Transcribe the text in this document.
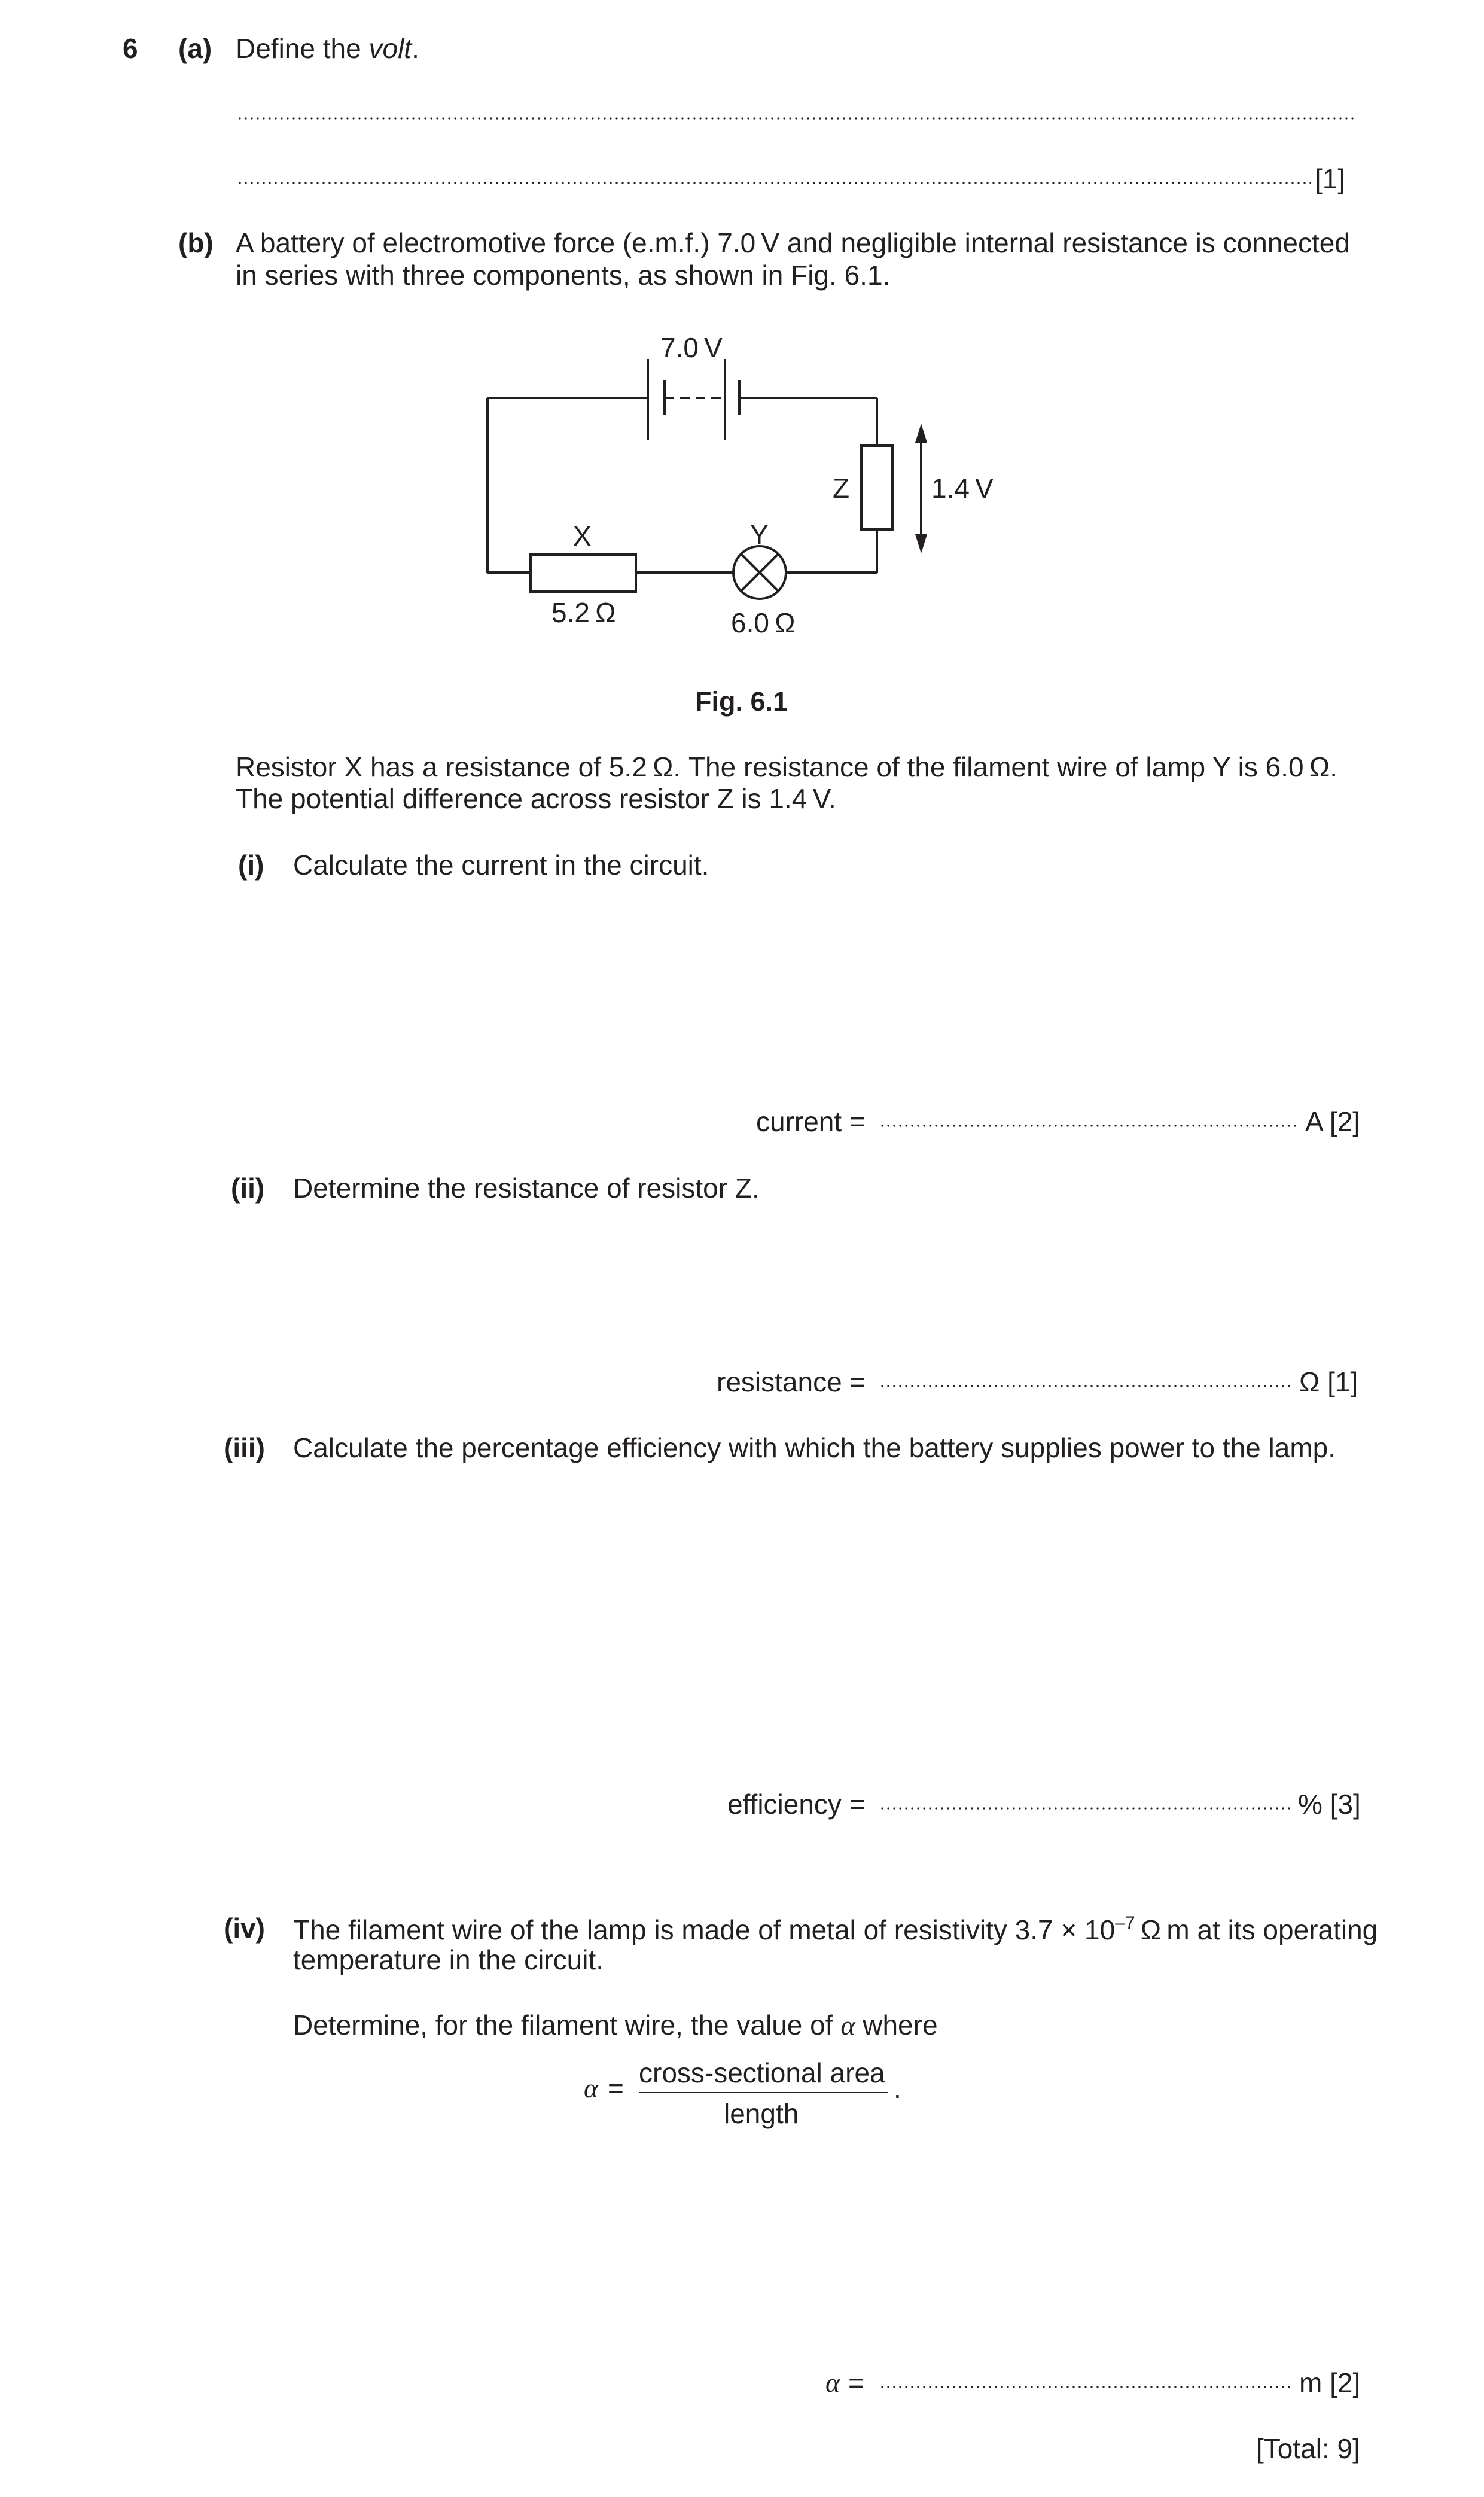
6 (a) Define the volt.
[1]
(b) A battery of electromotive force (e.m.f.) 7.0 V and negligible internal resistance is connected
in series with three components, as shown in Fig. 6.1.
7.0 V
X	Y
Z
5.2 Ω	6.0 Ω
1.4 V
Fig. 6.1
Resistor X has a resistance of 5.2 Ω. The resistance of the filament wire of lamp Y is 6.0 Ω.
The potential difference across resistor Z is 1.4 V.
(i) Calculate the current in the circuit.
current =	A [2]
(ii) Determine the resistance of resistor Z.
resistance =	Ω [1]
(iii) Calculate the percentage efficiency with which the battery supplies power to the lamp.
efficiency =	% [3]
(iv) The filament wire of the lamp is made of metal of resistivity $3.7 \times 10^{-7}$ Ω m at its operating
temperature in the circuit.
Determine, for the filament wire, the value of α where
α = cross-sectional area
length
.
α =	m [2]
[Total: 9]
